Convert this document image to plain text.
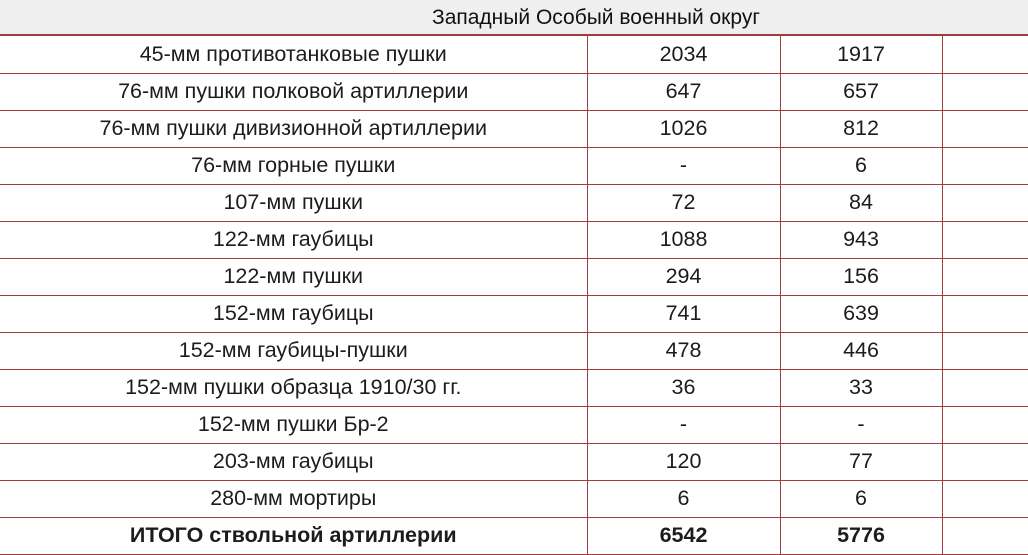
Западный Особый военный округ
45-мм противотанковые пушки	2034	1917	
76-мм пушки полковой артиллерии	647	657	
76-мм пушки дивизионной артиллерии	1026	812	
76-мм горные пушки	-	6	
107-мм пушки	72	84	
122-мм гаубицы	1088	943	
122-мм пушки	294	156	
152-мм гаубицы	741	639	
152-мм гаубицы-пушки	478	446	
152-мм пушки образца 1910/30 гг.	36	33	
152-мм пушки Бр-2	-	-	
203-мм гаубицы	120	77	
280-мм мортиры	6	6	
ИТОГО ствольной артиллерии	6542	5776	
